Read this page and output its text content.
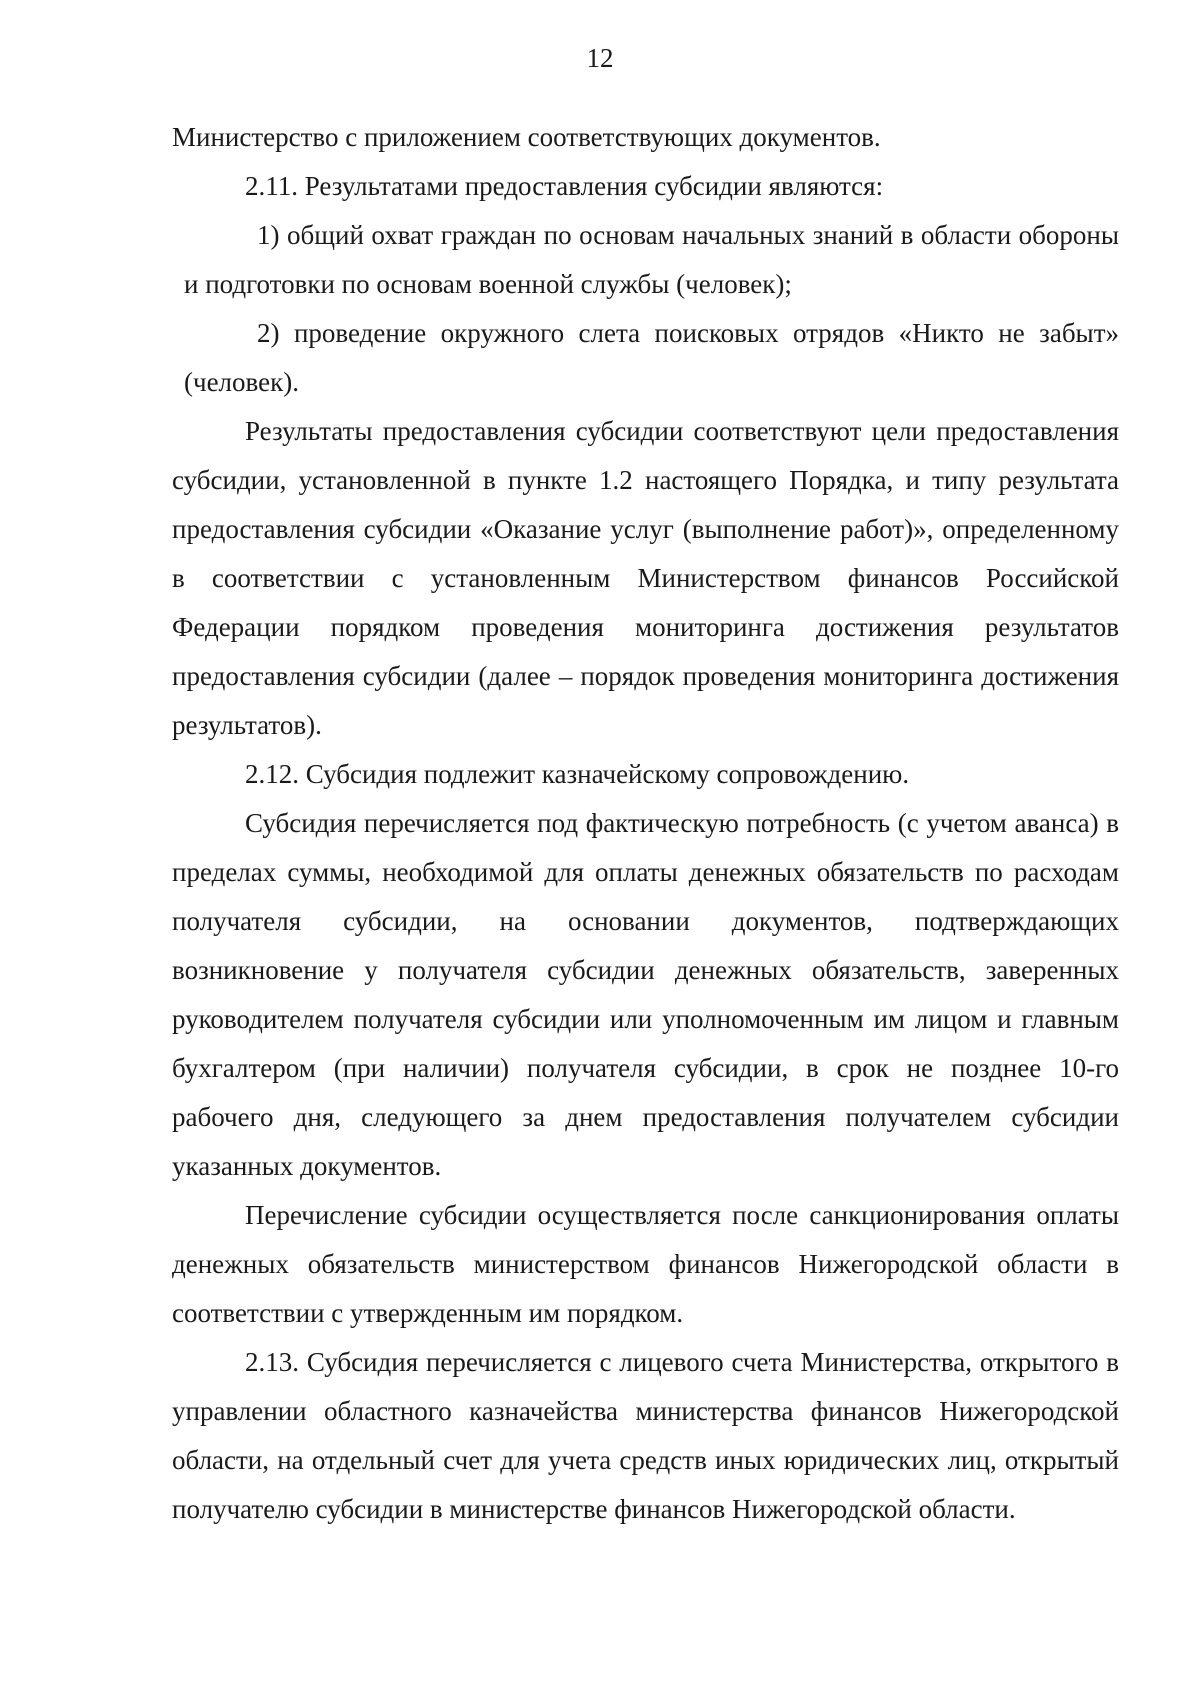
12

Министерство с приложением соответствующих документов.

2.11. Результатами предоставления субсидии являются:

1) общий охват граждан по основам начальных знаний в области обороны и подготовки по основам военной службы (человек);

2) проведение окружного слета поисковых отрядов «Никто не забыт» (человек).

Результаты предоставления субсидии соответствуют цели предоставления субсидии, установленной в пункте 1.2 настоящего Порядка, и типу результата предоставления субсидии «Оказание услуг (выполнение работ)», определенному в соответствии с установленным Министерством финансов Российской Федерации порядком проведения мониторинга достижения результатов предоставления субсидии (далее – порядок проведения мониторинга достижения результатов).

2.12. Субсидия подлежит казначейскому сопровождению.

Субсидия перечисляется под фактическую потребность (с учетом аванса) в пределах суммы, необходимой для оплаты денежных обязательств по расходам получателя субсидии, на основании документов, подтверждающих возникновение у получателя субсидии денежных обязательств, заверенных руководителем получателя субсидии или уполномоченным им лицом и главным бухгалтером (при наличии) получателя субсидии, в срок не позднее 10-го рабочего дня, следующего за днем предоставления получателем субсидии указанных документов.

Перечисление субсидии осуществляется после санкционирования оплаты денежных обязательств министерством финансов Нижегородской области в соответствии с утвержденным им порядком.

2.13. Субсидия перечисляется с лицевого счета Министерства, открытого в управлении областного казначейства министерства финансов Нижегородской области, на отдельный счет для учета средств иных юридических лиц, открытый получателю субсидии в министерстве финансов Нижегородской области.
